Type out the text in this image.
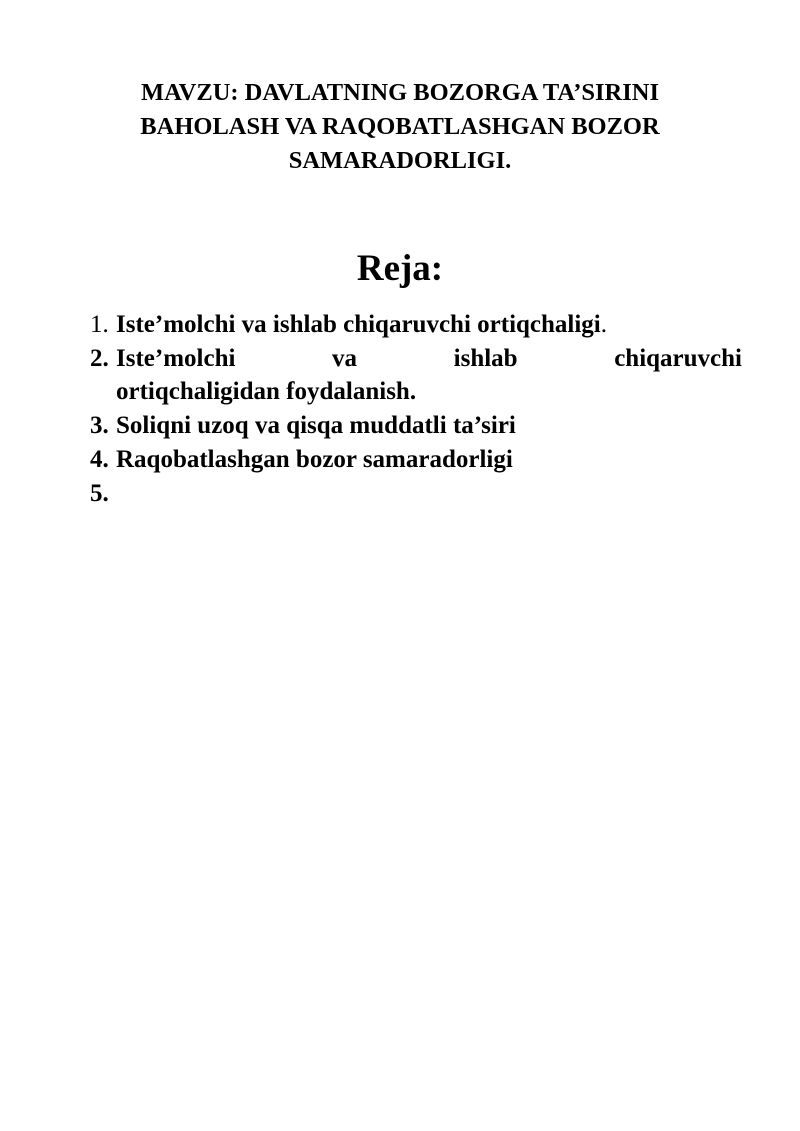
MAVZU: DAVLATNING BOZORGA TA’SIRINI
BAHOLASH VA RAQOBATLASHGAN BOZOR
SAMARADORLIGI.
Reja:
1. Iste’molchi va ishlab chiqaruvchi ortiqchaligi.
2. Iste’molchi	va	ishlab	chiqaruvchi
ortiqchaligidan foydalanish.
3. Soliqni uzoq va qisqa muddatli ta’siri
4. Raqobatlashgan bozor samaradorligi
5.
